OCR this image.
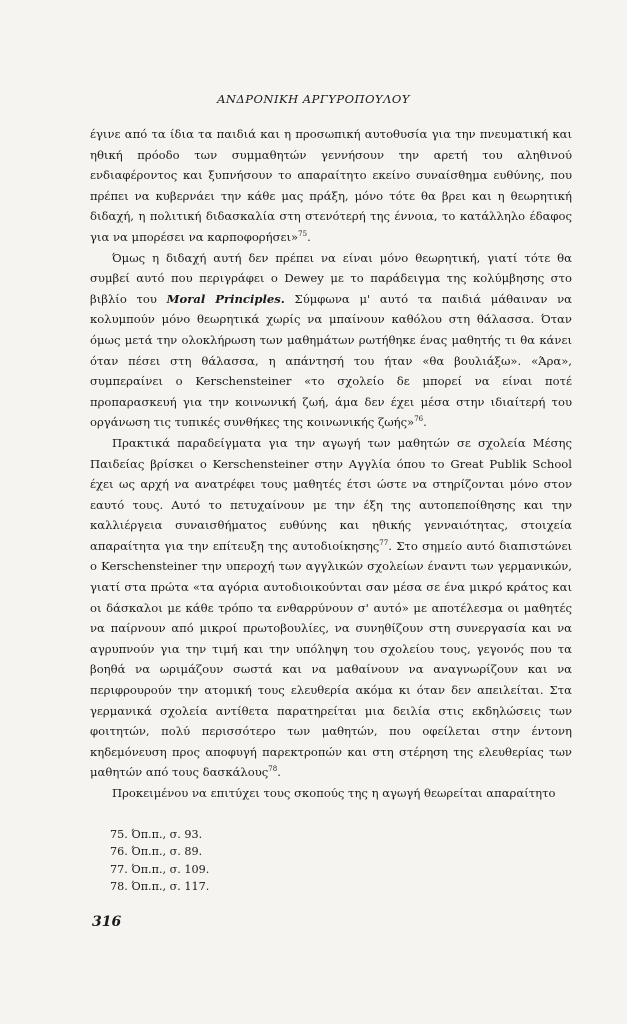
ΑΝΔΡΟΝΙΚΗ ΑΡΓΥΡΟΠΟΥΛΟΥ

έγινε από τα ίδια τα παιδιά και η προσωπική αυτοθυσία για την πνευματική και ηθική πρόοδο των συμμαθητών γεννήσουν την αρετή του αληθινού ενδιαφέροντος και ξυπνήσουν το απαραίτητο εκείνο συναίσθημα ευθύνης, που πρέπει να κυβερνάει την κάθε μας πράξη, μόνο τότε θα βρει και η θεωρητική διδαχή, η πολιτική διδασκαλία στη στενότερή της έννοια, το κατάλληλο έδαφος για να μπορέσει να καρποφορήσει»$^{75}$.

Όμως η διδαχή αυτή δεν πρέπει να είναι μόνο θεωρητική, γιατί τότε θα συμβεί αυτό που περιγράφει ο Dewey με το παράδειγμα της κολύμβησης στο βιβλίο του Moral Principles. Σύμφωνα μ' αυτό τα παιδιά μάθαιναν να κολυμπούν μόνο θεωρητικά χωρίς να μπαίνουν καθόλου στη θάλασσα. Όταν όμως μετά την ολοκλήρωση των μαθημάτων ρωτήθηκε ένας μαθητής τι θα κάνει όταν πέσει στη θάλασσα, η απάντησή του ήταν «θα βουλιάξω». «Άρα», συμπεραίνει ο Kerschensteiner «το σχολείο δε μπορεί να είναι ποτέ προπαρασκευή για την κοινωνική ζωή, άμα δεν έχει μέσα στην ιδιαίτερή του οργάνωση τις τυπικές συνθήκες της κοινωνικής ζωής»$^{76}$.

Πρακτικά παραδείγματα για την αγωγή των μαθητών σε σχολεία Μέσης Παιδείας βρίσκει ο Kerschensteiner στην Αγγλία όπου το Great Publik School έχει ως αρχή να ανατρέφει τους μαθητές έτσι ώστε να στηρίζονται μόνο στον εαυτό τους. Αυτό το πετυχαίνουν με την έξη της αυτοπεποίθησης και την καλλιέργεια συναισθήματος ευθύνης και ηθικής γενναιότητας, στοιχεία απαραίτητα για την επίτευξη της αυτοδιοίκησης$^{77}$. Στο σημείο αυτό διαπιστώνει ο Kerschensteiner την υπεροχή των αγγλικών σχολείων έναντι των γερμανικών, γιατί στα πρώτα «τα αγόρια αυτοδιοικούνται σαν μέσα σε ένα μικρό κράτος και οι δάσκαλοι με κάθε τρόπο τα ενθαρρύνουν σ' αυτό» με αποτέλεσμα οι μαθητές να παίρνουν από μικροί πρωτοβουλίες, να συνηθίζουν στη συνεργασία και να αγρυπνούν για την τιμή και την υπόληψη του σχολείου τους, γεγονός που τα βοηθά να ωριμάζουν σωστά και να μαθαίνουν να αναγνωρίζουν και να περιφρουρούν την ατομική τους ελευθερία ακόμα κι όταν δεν απειλείται. Στα γερμανικά σχολεία αντίθετα παρατηρείται μια δειλία στις εκδηλώσεις των φοιτητών, πολύ περισσότερο των μαθητών, που οφείλεται στην έντονη κηδεμόνευση προς αποφυγή παρεκτροπών και στη στέρηση της ελευθερίας των μαθητών από τους δασκάλους$^{78}$.

Προκειμένου να επιτύχει τους σκοπούς της η αγωγή θεωρείται απαραίτητο

75. Όπ.π., σ. 93.
76. Όπ.π., σ. 89.
77. Όπ.π., σ. 109.
78. Όπ.π., σ. 117.
316
